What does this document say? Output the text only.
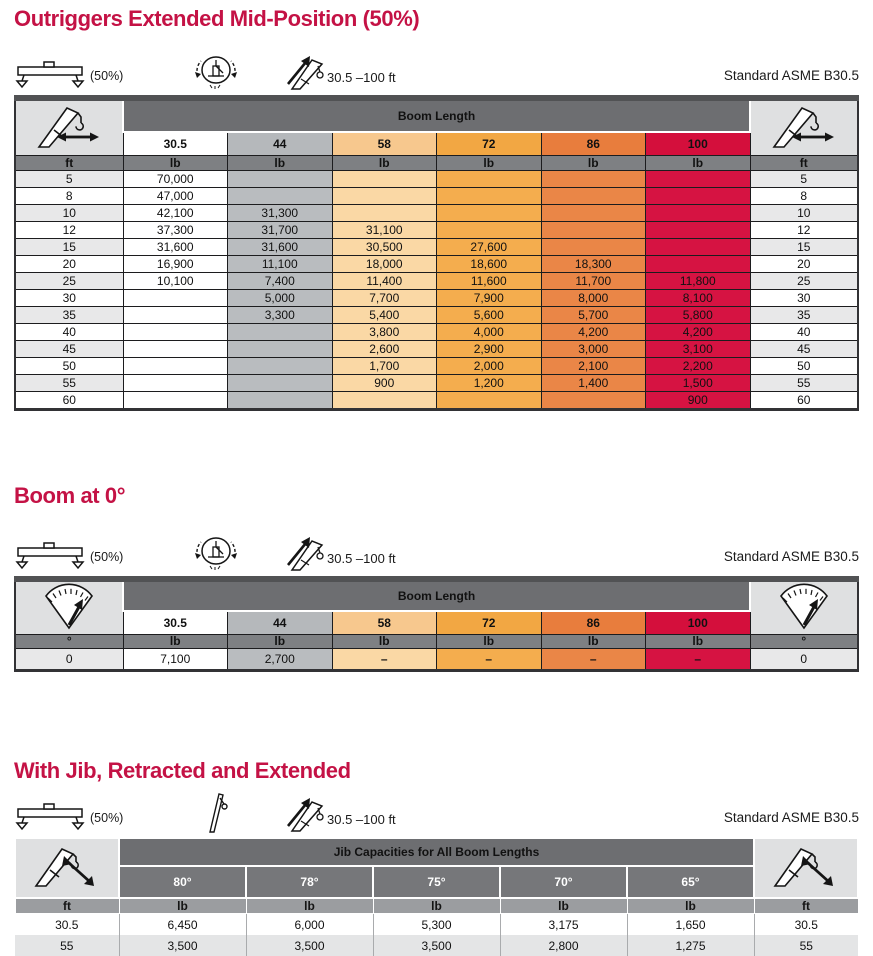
Outriggers Extended Mid-Position (50%)
(50%)	30.5 –100 ft	Standard ASME B30.5
	Boom Length	
	30.5	44	58	72	86	100	
ft	lb	lb	lb	lb	lb	lb	ft
5	70,000						5
8	47,000						8
10	42,100	31,300					10
12	37,300	31,700	31,100				12
15	31,600	31,600	30,500	27,600			15
20	16,900	11,100	18,000	18,600	18,300		20
25	10,100	7,400	11,400	11,600	11,700	11,800	25
30		5,000	7,700	7,900	8,000	8,100	30
35		3,300	5,400	5,600	5,700	5,800	35
40			3,800	4,000	4,200	4,200	40
45			2,600	2,900	3,000	3,100	45
50			1,700	2,000	2,100	2,200	50
55			900	1,200	1,400	1,500	55
60						900	60
Boom at 0°
(50%)	30.5 –100 ft	Standard ASME B30.5
	Boom Length	
	30.5	44	58	72	86	100	
°	lb	lb	lb	lb	lb	lb	°
0	7,100	2,700	–	–	–	–	0
With Jib, Retracted and Extended
(50%)	30.5 –100 ft	Standard ASME B30.5
	Jib Capacities for All Boom Lengths	
	80°	78°	75°	70°	65°	
ft	lb	lb	lb	lb	lb	ft
30.5	6,450	6,000	5,300	3,175	1,650	30.5
55	3,500	3,500	3,500	2,800	1,275	55
